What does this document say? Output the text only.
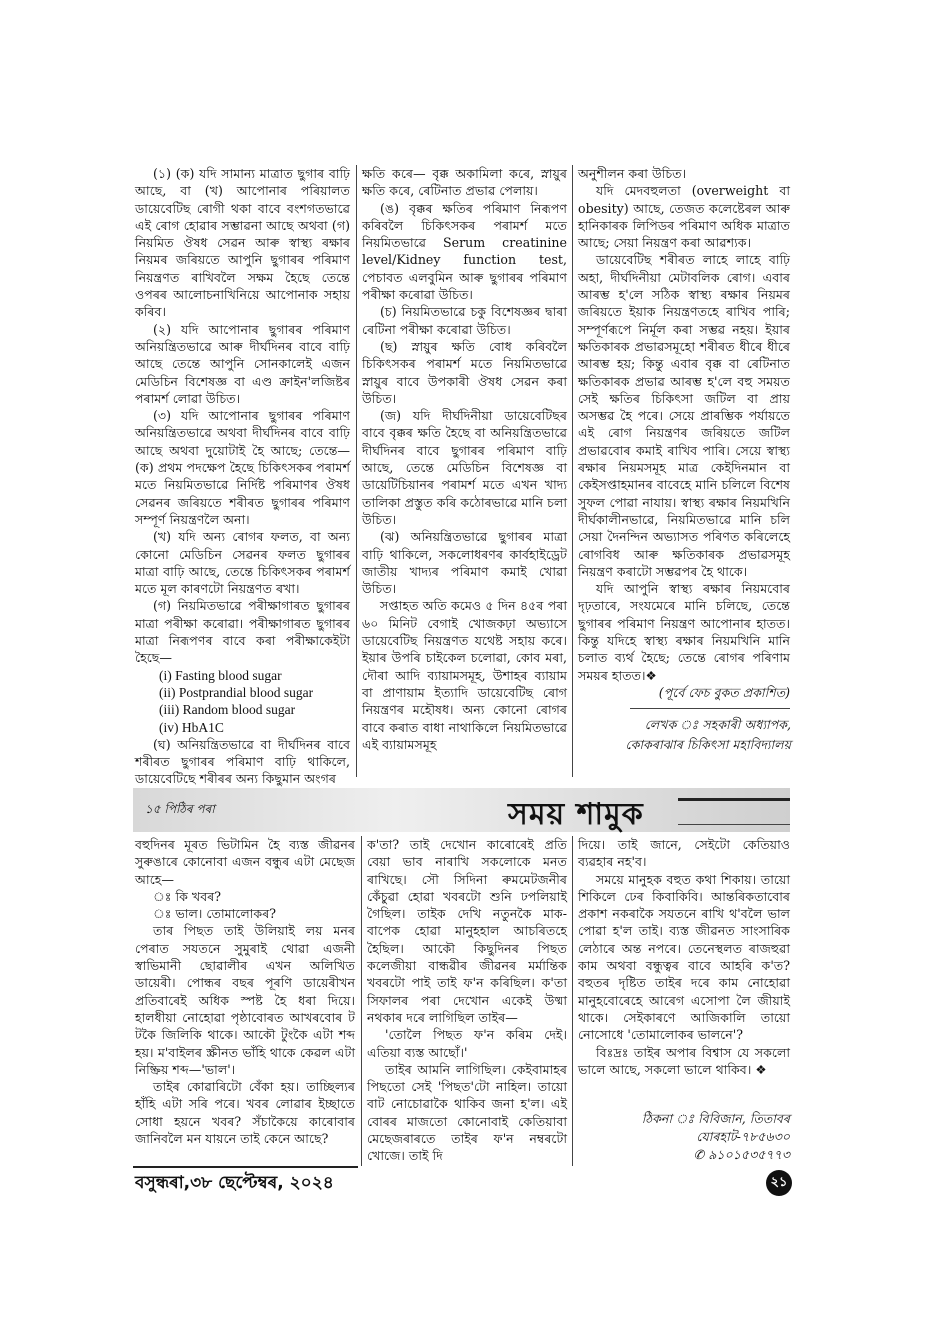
(১) (ক) যদি সামান্য মাত্ৰাত ছুগাৰ বাঢ়ি আছে, বা (খ) আপোনাৰ পৰিয়ালত ডায়েবেটিছ ৰোগী থকা বাবে বংশগতভাৱে এই ৰোগ হোৱাৰ সম্ভাৱনা আছে অথবা (গ) নিয়মিত ঔষধ সেৱন আৰু স্বাস্থ্য ৰক্ষাৰ নিয়মৰ জৰিয়তে আপুনি ছুগাৰৰ পৰিমাণ নিয়ন্ত্ৰণত ৰাখিবলৈ সক্ষম হৈছে তেন্তে ওপৰৰ আলোচনাখিনিয়ে আপোনাক সহায় কৰিব।

(২) যদি আপোনাৰ ছুগাৰৰ পৰিমাণ অনিয়ন্ত্ৰিতভাৱে আৰু দীৰ্ঘদিনৰ বাবে বাঢ়ি আছে তেন্তে আপুনি সোনকালেই এজন মেডিচিন বিশেষজ্ঞ বা এণ্ড ক্ৰাইন'লজিষ্টৰ পৰামৰ্শ লোৱা উচিত।

(৩) যদি আপোনাৰ ছুগাৰৰ পৰিমাণ অনিয়ন্ত্ৰিতভাৱে অথবা দীৰ্ঘদিনৰ বাবে বাঢ়ি আছে অথবা দুয়োটাই হৈ আছে; তেন্তে— (ক) প্ৰথম পদক্ষেপ হৈছে চিকিৎসকৰ পৰামৰ্শ মতে নিয়মিতভাৱে নিৰ্দিষ্ট পৰিমাণৰ ঔষধ সেৱনৰ জৰিয়তে শৰীৰত ছুগাৰৰ পৰিমাণ সম্পূৰ্ণ নিয়ন্ত্ৰণলৈ অনা।

(খ) যদি অন্য ৰোগৰ ফলত, বা অন্য কোনো মেডিচিন সেৱনৰ ফলত ছুগাৰৰ মাত্ৰা বাঢ়ি আছে, তেন্তে চিকিৎসকৰ পৰামৰ্শ মতে মূল কাৰণটো নিয়ন্ত্ৰণত ৰখা।

(গ) নিয়মিতভাৱে পৰীক্ষাগাৰত ছুগাৰৰ মাত্ৰা পৰীক্ষা কৰোৱা। পৰীক্ষাগাৰত ছুগাৰৰ মাত্ৰা নিৰূপণৰ বাবে কৰা পৰীক্ষাকেইটা হৈছে—

(i) Fasting blood sugar

(ii) Postprandial blood sugar

(iii) Random blood sugar

(iv) HbA1C

(ঘ) অনিয়ন্ত্ৰিতভাৱে বা দীৰ্ঘদিনৰ বাবে শৰীৰত ছুগাৰৰ পৰিমাণ বাঢ়ি থাকিলে, ডায়েবেটিছে শৰীৰৰ অন্য কিছুমান অংগৰ

ক্ষতি কৰে— বৃক্ক অকামিলা কৰে, স্নায়ুৰ ক্ষতি কৰে, ৰেটিনাত প্ৰভাৱ পেলায়।

(ঙ) বৃক্কৰ ক্ষতিৰ পৰিমাণ নিৰূপণ কৰিবলৈ চিকিৎসকৰ পৰামৰ্শ মতে নিয়মিতভাৱে Serum creatinine level/Kidney function test, পেচাবত এলবুমিন আৰু ছুগাৰৰ পৰিমাণ পৰীক্ষা কৰোৱা উচিত।

(চ) নিয়মিতভাৱে চকু বিশেষজ্ঞৰ দ্বাৰা ৰেটিনা পৰীক্ষা কৰোৱা উচিত।

(ছ) স্নায়ুৰ ক্ষতি বোধ কৰিবলৈ চিকিৎসকৰ পৰামৰ্শ মতে নিয়মিতভাৱে স্নায়ুৰ বাবে উপকাৰী ঔষধ সেৱন কৰা উচিত।

(জ) যদি দীৰ্ঘদিনীয়া ডায়েবেটিছৰ বাবে বৃক্কৰ ক্ষতি হৈছে বা অনিয়ন্ত্ৰিতভাৱে দীৰ্ঘদিনৰ বাবে ছুগাৰৰ পৰিমাণ বাঢ়ি আছে, তেন্তে মেডিচিন বিশেষজ্ঞ বা ডায়েটিচিয়ানৰ পৰামৰ্শ মতে এখন খাদ্য তালিকা প্ৰস্তুত কৰি কঠোৰভাৱে মানি চলা উচিত।

(ঝ) অনিয়ন্ত্ৰিতভাৱে ছুগাৰৰ মাত্ৰা বাঢ়ি থাকিলে, সকলোধৰণৰ কাৰ্বহাইড্ৰেট জাতীয় খাদ্যৰ পৰিমাণ কমাই খোৱা উচিত।

সপ্তাহত অতি কমেও ৫ দিন ৪৫ৰ পৰা ৬০ মিনিট বেগাই খোজকঢ়া অভ্যাসে ডায়েবেটিছ নিয়ন্ত্ৰণত যথেষ্ট সহায় কৰে। ইয়াৰ উপৰি চাইকেল চলোৱা, কোব মৰা, দৌৰা আদি ব্যায়ামসমূহ, উশাহৰ ব্যায়াম বা প্ৰাণায়াম ইত্যাদি ডায়েবেটিছ ৰোগ নিয়ন্ত্ৰণৰ মহৌষধ। অন্য কোনো ৰোগৰ বাবে কৰাত বাধা নাথাকিলে নিয়মিতভাৱে এই ব্যায়ামসমূহ

অনুশীলন কৰা উচিত।

যদি মেদবহুলতা (overweight বা obesity) আছে, তেজত কলেষ্টেৰল আৰু হানিকাৰক লিপিডৰ পৰিমাণ অধিক মাত্ৰাত আছে; সেয়া নিয়ন্ত্ৰণ কৰা আৱশ্যক।

ডায়েবেটিছ শৰীৰত লাহে লাহে বাঢ়ি অহা, দীৰ্ঘদিনীয়া মেটাবলিক ৰোগ। এবাৰ আৰম্ভ হ'লে সঠিক স্বাস্থ্য ৰক্ষাৰ নিয়মৰ জৰিয়তে ইয়াক নিয়ন্ত্ৰণতহে ৰাখিব পাৰি; সম্পূৰ্ণৰূপে নিৰ্মূল কৰা সম্ভৱ নহয়। ইয়াৰ ক্ষতিকাৰক প্ৰভাৱসমূহো শৰীৰত ধীৰে ধীৰে আৰম্ভ হয়; কিন্তু এবাৰ বৃক্ক বা ৰেটিনাত ক্ষতিকাৰক প্ৰভাৱ আৰম্ভ হ'লে বহু সময়ত সেই ক্ষতিৰ চিকিৎসা জটিল বা প্ৰায় অসম্ভৱ হৈ পৰে। সেয়ে প্ৰাৰম্ভিক পৰ্যায়তে এই ৰোগ নিয়ন্ত্ৰণৰ জৰিয়তে জটিল প্ৰভাৱবোৰ কমাই ৰাখিব পাৰি। সেয়ে স্বাস্থ্য ৰক্ষাৰ নিয়মসমূহ মাত্ৰ কেইদিনমান বা কেইসপ্তাহমানৰ বাবেহে মানি চলিলে বিশেষ সুফল পোৱা নাযায়। স্বাস্থ্য ৰক্ষাৰ নিয়মখিনি দীৰ্ঘকালীনভাৱে, নিয়মিতভাৱে মানি চলি সেয়া দৈনন্দিন অভ্যাসত পৰিণত কৰিলেহে ৰোগবিধ আৰু ক্ষতিকাৰক প্ৰভাৱসমূহ নিয়ন্ত্ৰণ কৰাটো সম্ভৱপৰ হৈ থাকে।

যদি আপুনি স্বাস্থ্য ৰক্ষাৰ নিয়মবোৰ দৃঢ়তাৰে, সংযমেৰে মানি চলিছে, তেন্তে ছুগাৰৰ পৰিমাণ নিয়ন্ত্ৰণ আপোনাৰ হাতত। কিন্তু যদিহে স্বাস্থ্য ৰক্ষাৰ নিয়মখিনি মানি চলাত ব্যৰ্থ হৈছে; তেন্তে ৰোগৰ পৰিণাম সময়ৰ হাতত।❖

(পূৰ্বে ফেচ বুকত প্ৰকাশিত)

লেখক ঃ সহকাৰী অধ্যাপক,
কোকৰাঝাৰ চিকিৎসা মহাবিদ্যালয়
১৫ পিঠিৰ পৰা	সময় শামুক

বহুদিনৰ মূৰত ভিটামিন হৈ ব্যস্ত জীৱনৰ সুৰুঙাৰে কোনোবা এজন বন্ধুৰ এটা মেছেজ আহে—

ঃ কি খবৰ?

ঃ ভাল। তোমালোকৰ?

তাৰ পিছত তাই উলিয়াই লয় মনৰ পেৰাত সযতনে সুমুৰাই থোৱা এজনী স্বাভিমানী ছোৱালীৰ এখন অলিখিত ডায়েৰী। পোন্ধৰ বছৰ পূৰণি ডায়েৰীখন প্ৰতিবাৰেই অধিক স্পষ্ট হৈ ধৰা দিয়ে। হালধীয়া নোহোৱা পৃষ্ঠাবোৰত আখৰবোৰ ট টকৈ জিলিকি থাকে। আকৌ টুংকৈ এটা শব্দ হয়। ম'বাইলৰ স্ক্ৰীনত ভাঁহি থাকে কেৱল এটা নিষ্ক্ৰিয় শব্দ—'ভাল'।

তাইৰ কোৱাৰিটো বেঁকা হয়। তাচ্ছিল্যৰ হাঁহি এটা সৰি পৰে। খবৰ লোৱাৰ ইচ্ছাতে সোধা হয়নে খবৰ? সঁচাকৈয়ে কাৰোবাৰ জানিবলৈ মন যায়নে তাই কেনে আছে?

ক'তা? তাই দেখোন কাৰোৰেই প্ৰতি বেয়া ভাব নাৰাখি সকলোকে মনত ৰাখিছে। সৌ সিদিনা ৰুমমেটজনীৰ কেঁচুৱা হোৱা খবৰটো শুনি ঢপলিয়াই গৈছিল। তাইক দেখি নতুনকৈ মাক-বাপেক হোৱা মানুহহাল আচৰিতহে হৈছিল। আকৌ কিছুদিনৰ পিছত কলেজীয়া বান্ধৱীৰ জীৱনৰ মৰ্মান্তিক খবৰটো পাই তাই ফ'ন কৰিছিল। ক'তা সিফালৰ পৰা দেখোন একেই উষ্মা নথকাৰ দৰে লাগিছিল তাইৰ—

'তোলৈ পিছত ফ'ন কৰিম দেই। এতিয়া ব্যস্ত আছোঁ।'

তাইৰ আমনি লাগিছিল। কেইবামাহৰ পিছতো সেই 'পিছত'টো নাহিল। তায়ো বাট নোচোৱাকৈ থাকিব জনা হ'ল। এই বোৰৰ মাজতো কোনোবাই কেতিয়াবা মেছেজৰাৰতে তাইৰ ফ'ন নম্বৰটো খোজে। তাই দি

দিয়ে। তাই জানে, সেইটো কেতিয়াও ব্যৱহাৰ নহ'ব।

সময়ে মানুহক বহুত কথা শিকায়। তায়ো শিকিলে ঢেৰ কিবাকিবি। আন্তৰিকতাবোৰ প্ৰকাশ নকৰাকৈ সযতনে ৰাখি থ'বলৈ ভাল পোৱা হ'ল তাই। ব্যস্ত জীৱনত সাংসাৰিক লেঠাৰে অন্ত নপৰে। তেনেস্থলত ৰাজহুৱা কাম অথবা বন্ধুত্বৰ বাবে আহৰি ক'ত? বহুতৰ দৃষ্টিত তাইৰ দৰে কাম নোহোৱা মানুহবোৰেহে আৰেগ এসোপা লৈ জীয়াই থাকে। সেইকাৰণে আজিকালি তায়ো নোসোধে 'তোমালোকৰ ভালনে'?

বিঃদ্ৰঃ তাইৰ অপাৰ বিশ্বাস যে সকলো ভালে আছে, সকলো ভালে থাকিব। ❖

ঠিকনা ঃ বিবিজান, তিতাবৰ
যোৰহাট-৭৮৫৬৩০
✆ ৯১০১৫৩৫৭৭৩
বসুন্ধৰা,৩৮ ছেপ্টেম্বৰ, ২০২৪	২১
